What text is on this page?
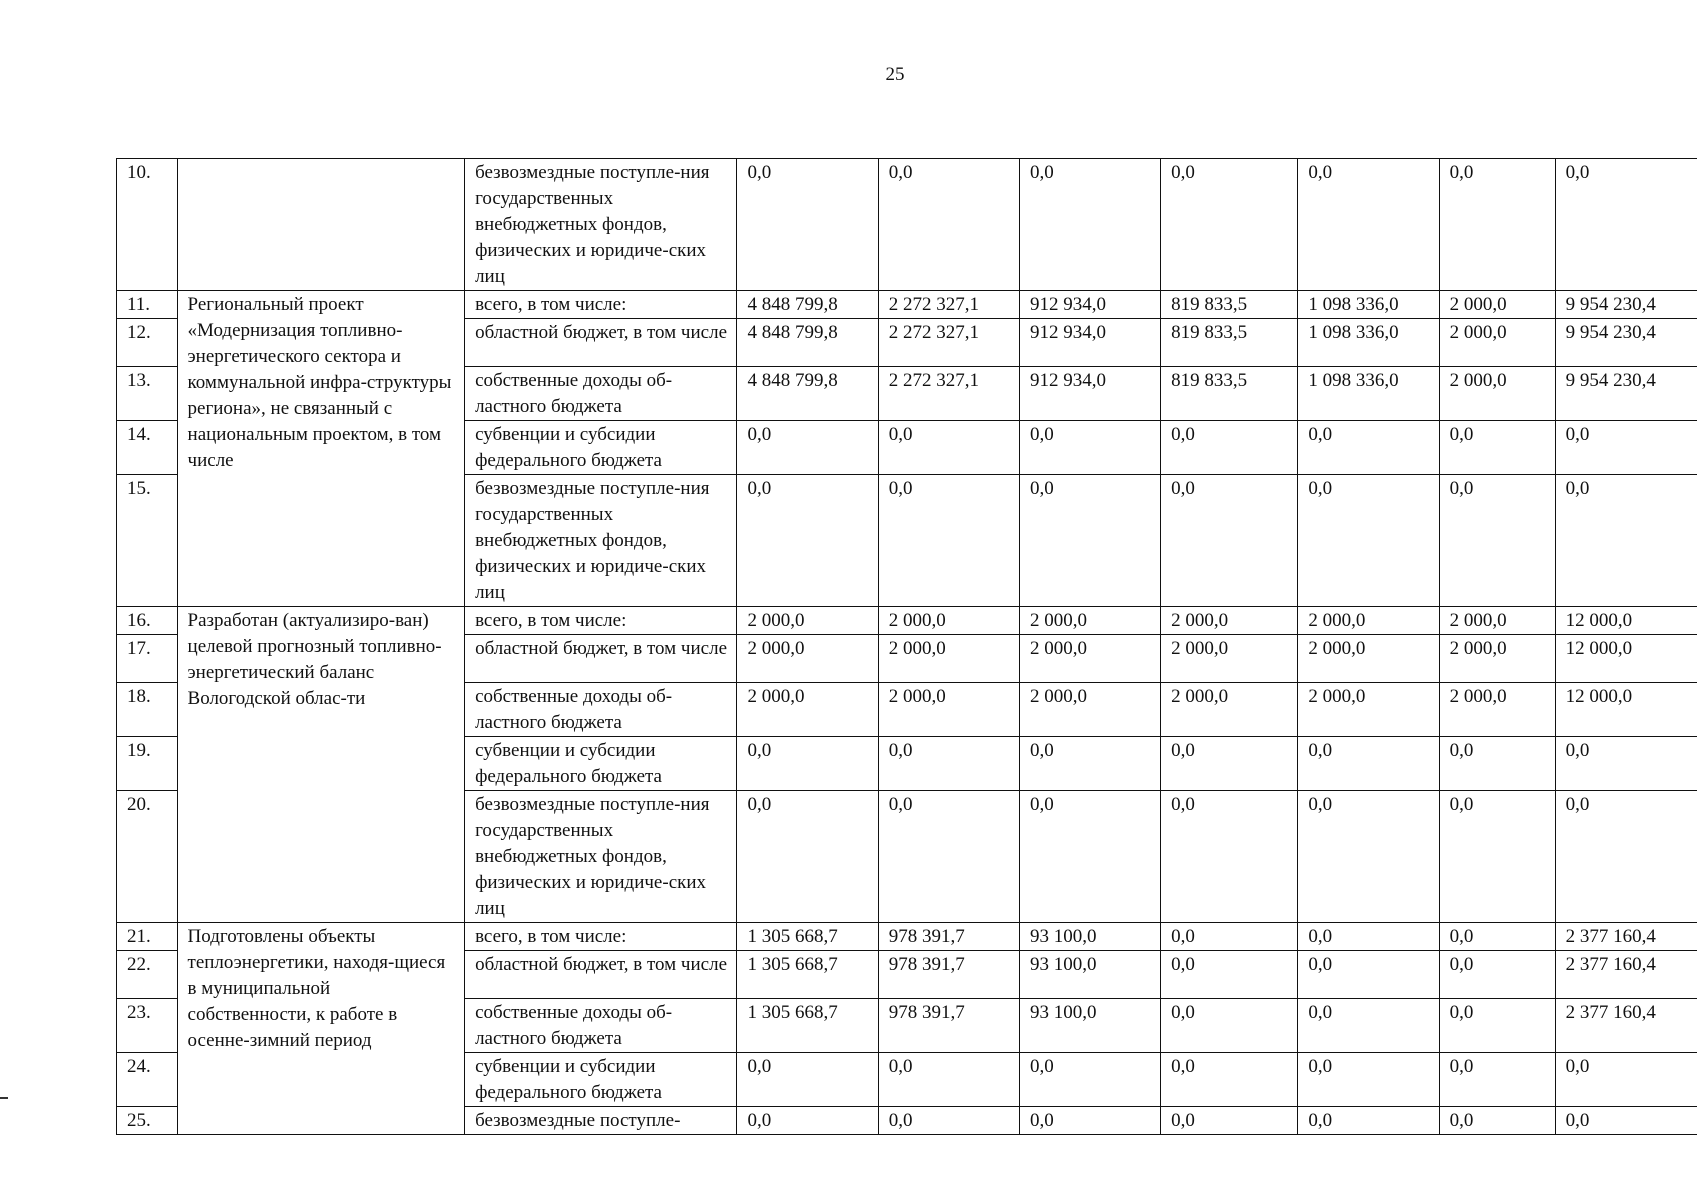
25
10.		безвозмездные поступле-ния государственных внебюджетных фондов, физических и юридиче-ских лиц	0,0	0,0	0,0	0,0	0,0	0,0	0,0
11.	Региональный проект «Модернизация топливно-энергетического сектора и коммунальной инфра-структуры региона», не связанный с национальным проектом, в том числе	всего, в том числе:	4 848 799,8	2 272 327,1	912 934,0	819 833,5	1 098 336,0	2 000,0	9 954 230,4
12.		областной бюджет, в том числе	4 848 799,8	2 272 327,1	912 934,0	819 833,5	1 098 336,0	2 000,0	9 954 230,4
13.		собственные доходы об-ластного бюджета	4 848 799,8	2 272 327,1	912 934,0	819 833,5	1 098 336,0	2 000,0	9 954 230,4
14.		субвенции и субсидии федерального бюджета	0,0	0,0	0,0	0,0	0,0	0,0	0,0
15.		безвозмездные поступле-ния государственных внебюджетных фондов, физических и юридиче-ских лиц	0,0	0,0	0,0	0,0	0,0	0,0	0,0
16.	Разработан (актуализиро-ван) целевой прогнозный топливно-энергетический баланс Вологодской облас-ти	всего, в том числе:	2 000,0	2 000,0	2 000,0	2 000,0	2 000,0	2 000,0	12 000,0
17.		областной бюджет, в том числе	2 000,0	2 000,0	2 000,0	2 000,0	2 000,0	2 000,0	12 000,0
18.		собственные доходы об-ластного бюджета	2 000,0	2 000,0	2 000,0	2 000,0	2 000,0	2 000,0	12 000,0
19.		субвенции и субсидии федерального бюджета	0,0	0,0	0,0	0,0	0,0	0,0	0,0
20.		безвозмездные поступле-ния государственных внебюджетных фондов, физических и юридиче-ских лиц	0,0	0,0	0,0	0,0	0,0	0,0	0,0
21.	Подготовлены объекты теплоэнергетики, находя-щиеся в муниципальной собственности, к работе в осенне-зимний период	всего, в том числе:	1 305 668,7	978 391,7	93 100,0	0,0	0,0	0,0	2 377 160,4
22.		областной бюджет, в том числе	1 305 668,7	978 391,7	93 100,0	0,0	0,0	0,0	2 377 160,4
23.		собственные доходы об-ластного бюджета	1 305 668,7	978 391,7	93 100,0	0,0	0,0	0,0	2 377 160,4
24.		субвенции и субсидии федерального бюджета	0,0	0,0	0,0	0,0	0,0	0,0	0,0
25.		безвозмездные поступле-	0,0	0,0	0,0	0,0	0,0	0,0	0,0
